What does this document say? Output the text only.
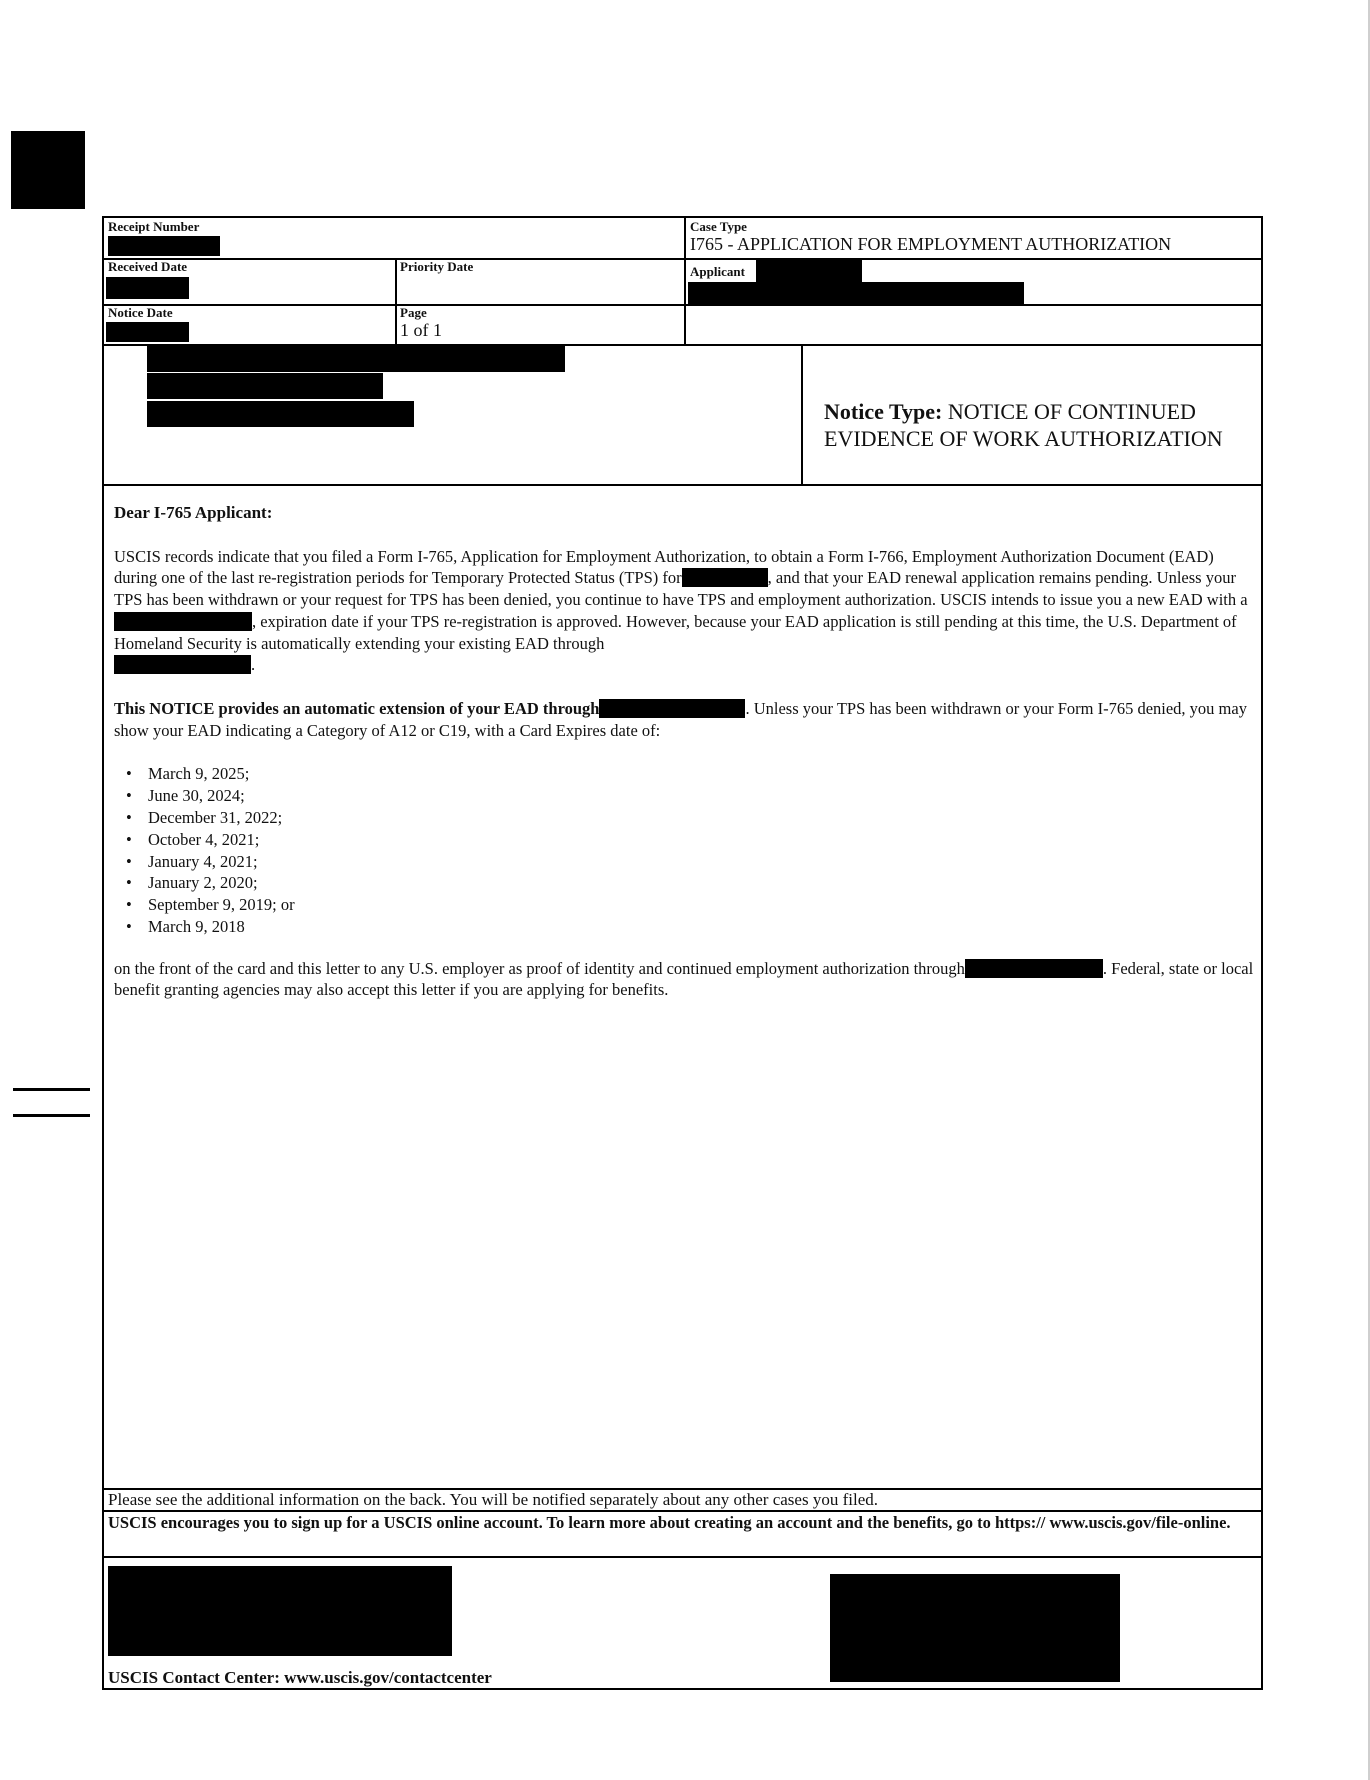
Receipt Number	Case Type
I765 - APPLICATION FOR EMPLOYMENT AUTHORIZATION
Received Date	Priority Date	Applicant
Notice Date	Page
1 of 1
Notice Type: NOTICE OF CONTINUED
EVIDENCE OF WORK AUTHORIZATION

Dear I-765 Applicant:

USCIS records indicate that you filed a Form I-765, Application for Employment Authorization, to obtain a Form I-766, Employment Authorization Document (EAD) during one of the last re-registration periods for Temporary Protected Status (TPS) for	, and that your EAD renewal application remains pending. Unless your TPS has been withdrawn or your request for TPS has been denied, you continue to have TPS and employment authorization. USCIS intends to issue you a new EAD with a, expiration date if your TPS re-registration is approved. However, because your EAD application is still pending at this time, the U.S. Department of Homeland Security is automatically extending your existing EAD through
.

This NOTICE provides an automatic extension of your EAD through	. Unless your TPS has been withdrawn or your Form I-765 denied, you may show your EAD indicating a Category of A12 or C19, with a Card Expires date of:

• March 9, 2025;
• June 30, 2024;
• December 31, 2022;
• October 4, 2021;
• January 4, 2021;
• January 2, 2020;
• September 9, 2019; or
• March 9, 2018

on the front of the card and this letter to any U.S. employer as proof of identity and continued employment authorization through	. Federal, state or local benefit granting agencies may also accept this letter if you are applying for benefits.

Please see the additional information on the back. You will be notified separately about any other cases you filed.
USCIS encourages you to sign up for a USCIS online account. To learn more about creating an account and the benefits, go to https:// www.uscis.gov/file-online.
USCIS Contact Center: www.uscis.gov/contactcenter
